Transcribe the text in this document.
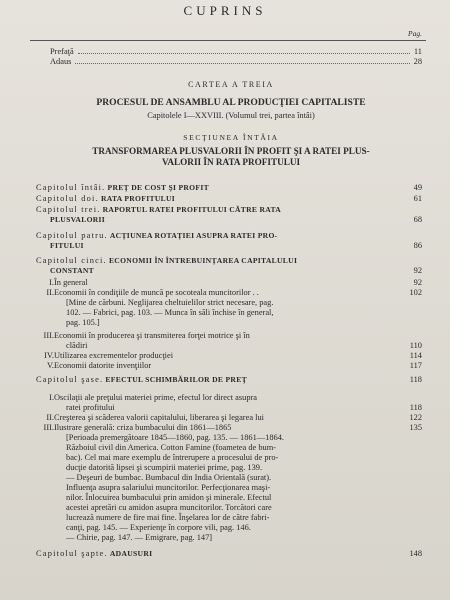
CUPRINS
Pag.
Prefaţă	11
Adaus	28
CARTEA A TREIA
PROCESUL DE ANSAMBLU AL PRODUCŢIEI CAPITALISTE
Capitolele I—XXVIII. (Volumul trei, partea întâi)
SECŢIUNEA ÎNTÂIA
TRANSFORMAREA PLUSVALORII ÎN PROFIT ŞI A RATEI PLUS-
VALORII ÎN RATA PROFITULUI
Capitolul întâi. PREŢ DE COST ŞI PROFIT	49
Capitolul doi. RATA PROFITULUI	61
Capitolul trei. RAPORTUL RATEI PROFITULUI CĂTRE RATA
PLUSVALORII	68
Capitolul patru. ACŢIUNEA ROTAŢIEI ASUPRA RATEI PRO-
FITULUI	86
Capitolul cinci. ECONOMII ÎN ÎNTREBUINŢAREA CAPITALULUI
CONSTANT	92
I. În general	92
II. Economii în condiţiile de muncă pe socoteala muncitorilor . .	102
[Mine de cărbuni. Neglijarea cheltuielilor strict necesare, pag.
102. — Fabrici, pag. 103. — Munca în săli închise în general,
pag. 105.]
III. Economii în producerea şi transmiterea forţei motrice şi în
clădiri	110
IV. Utilizarea excrementelor producţiei	114
V. Economii datorite invenţiilor	117
Capitolul şase. EFECTUL SCHIMBĂRILOR DE PREŢ	118
I. Oscilaţii ale preţului materiei prime, efectul lor direct asupra
ratei profitului	118
II. Creşterea şi scăderea valorii capitalului, liberarea şi legarea lui	122
III. Ilustrare generală: criza bumbacului din 1861—1865	135
[Perioada premergătoare 1845—1860, pag. 135. — 1861—1864.
Războiul civil din America. Cotton Famine (foametea de bum-
bac). Cel mai mare exemplu de întrerupere a procesului de pro-
ducţie datorită lipsei şi scumpirii materiei prime, pag. 139.
— Deşeuri de bumbac. Bumbacul din India Orientală (surat).
Influenţa asupra salariului muncitorilor. Perfecţionarea maşi-
nilor. Înlocuirea bumbacului prin amidon şi minerale. Efectul
acestei apretări cu amidon asupra muncitorilor. Torcători care
lucrează numere de fire mai fine. Înşelarea lor de către fabri-
canţi, pag. 145. — Experienţe în corpore vili, pag. 146.
— Chirie, pag. 147. — Emigrare, pag. 147]
Capitolul şapte. ADAUSURI	148
